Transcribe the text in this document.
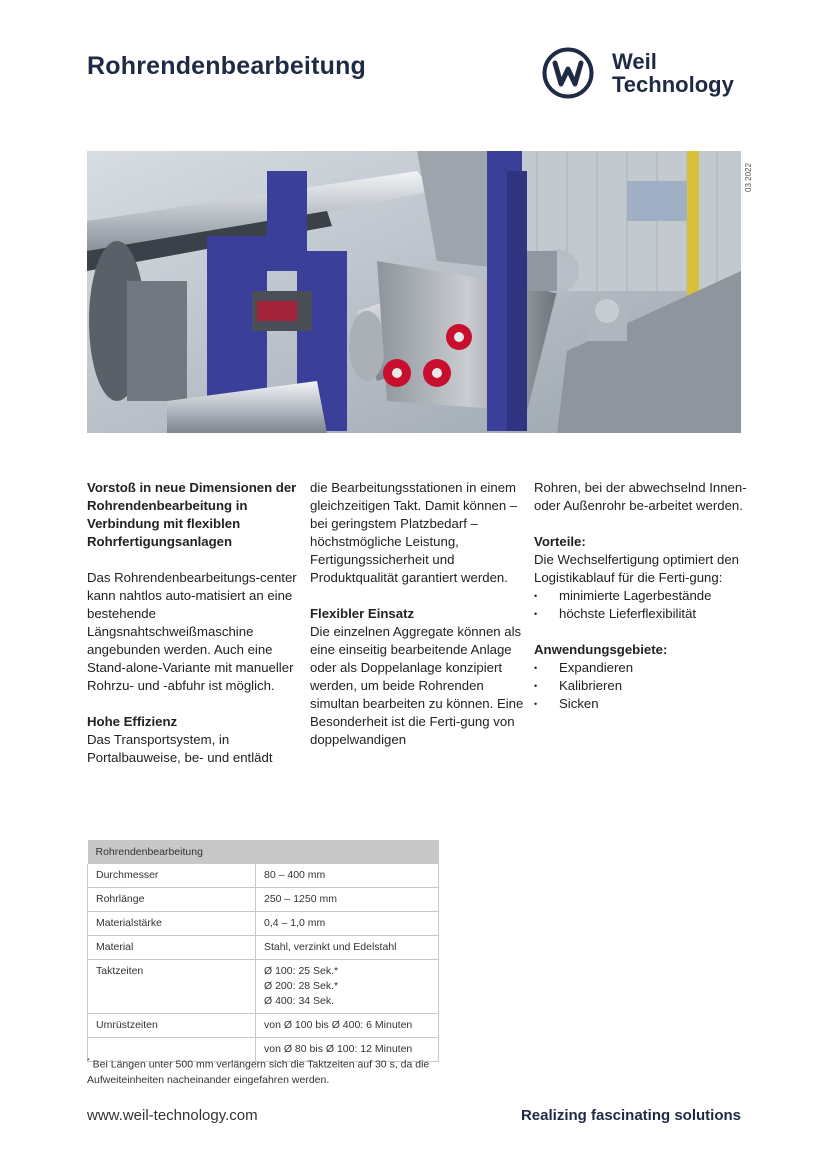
Rohrendenbearbeitung	Weil
Technology
03 2022

Vorstoß in neue Dimensionen der Rohrendenbearbeitung in Verbindung mit flexiblen Rohrfertigungsanlagen

Das Rohrendenbearbeitungs-center kann nahtlos auto-matisiert an eine bestehende Längsnahtschweißmaschine angebunden werden. Auch eine Stand-alone-Variante mit manueller Rohrzu- und -abfuhr ist möglich.

Hohe Effizienz
Das Transportsystem, in Portalbauweise, be- und entlädt

die Bearbeitungsstationen in einem gleichzeitigen Takt. Damit können – bei geringstem Platzbedarf – höchstmögliche Leistung, Fertigungssicherheit und Produktqualität garantiert werden.

Flexibler Einsatz
Die einzelnen Aggregate können als eine einseitig bearbeitende Anlage oder als Doppelanlage konzipiert werden, um beide Rohrenden simultan bearbeiten zu können. Eine Besonderheit ist die Ferti-gung von doppelwandigen

Rohren, bei der abwechselnd Innen- oder Außenrohr be-arbeitet werden.

Vorteile:
Die Wechselfertigung optimiert den Logistikablauf für die Ferti-gung:

• minimierte Lagerbestände
• höchste Lieferflexibilität
Anwendungsgebiete:
• Expandieren
• Kalibrieren
• Sicken
Rohrendenbearbeitung	
Durchmesser	80 – 400 mm
Rohrlänge	250 – 1250 mm
Materialstärke	0,4 – 1,0 mm
Material	Stahl, verzinkt und Edelstahl
Taktzeiten	Ø 100: 25 Sek.*
Ø 200: 28 Sek.*
Ø 400: 34 Sek.

Umrüstzeiten	von Ø 100 bis Ø 400: 6 Minuten
	von Ø 80 bis Ø 100: 12 Minuten
* Bei Längen unter 500 mm verlängern sich die Taktzeiten auf 30 s, da die Aufweiteinheiten nacheinander eingefahren werden.
www.weil-technology.com	Realizing fascinating solutions
